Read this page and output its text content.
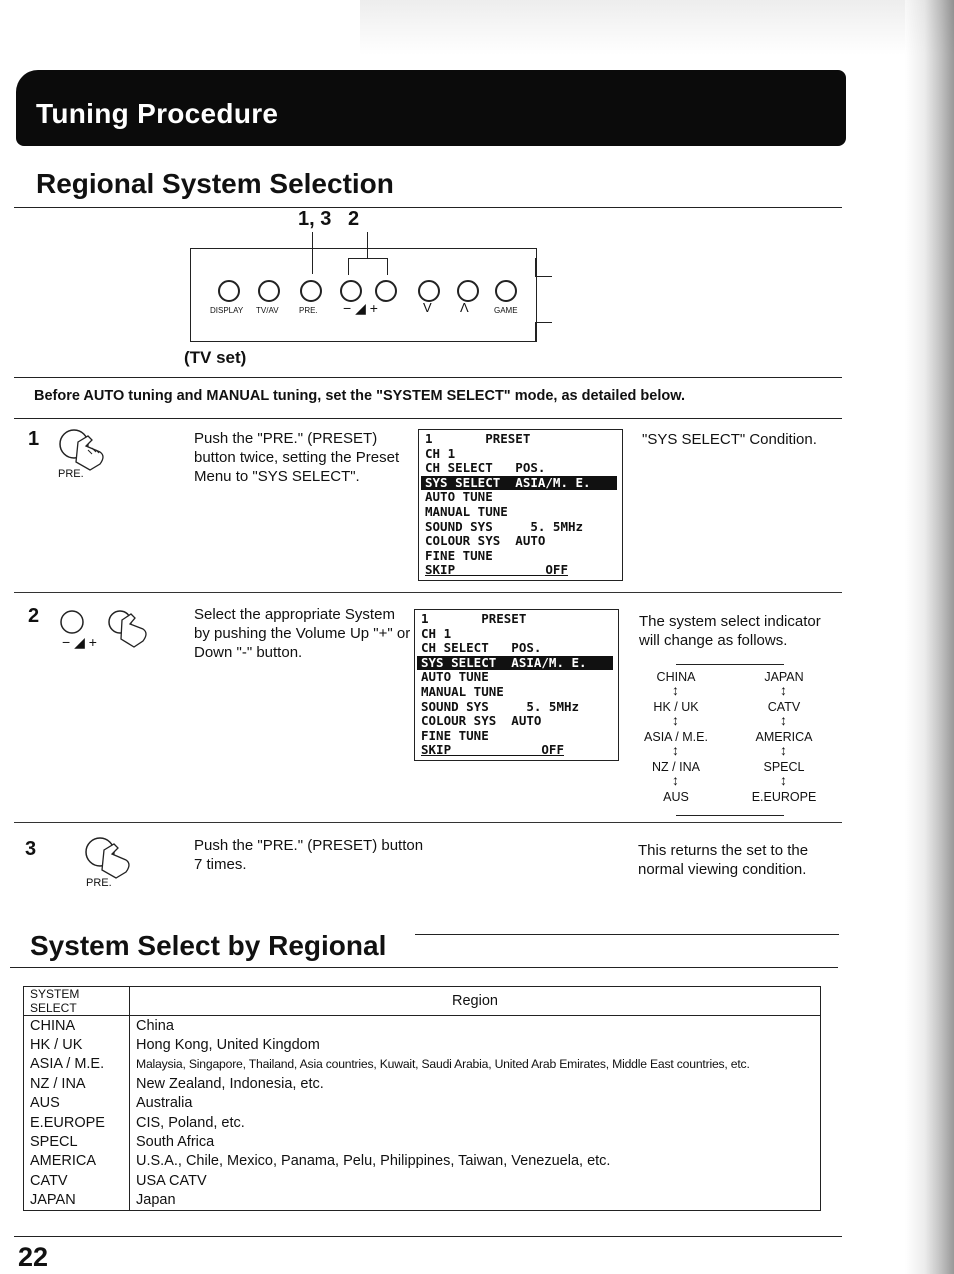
Tuning Procedure
Regional System Selection
1, 3   2
DISPLAY TV/AV	PRE. − ◢ +	V Λ	GAME
(TV set)
Before AUTO tuning and MANUAL tuning, set the "SYSTEM SELECT" mode, as detailed below.
1
PRE.
Push the "PRE." (PRESET) button twice, setting the Preset Menu to "SYS SELECT".
1       PRESET
CH 1
CH SELECT   POS.
SYS SELECT  ASIA/M. E.
AUTO TUNE
MANUAL TUNE
SOUND SYS     5. 5MHz
COLOUR SYS  AUTO
FINE TUNE
SKIP            OFF
"SYS SELECT" Condition.
2
− ◢ +
Select the appropriate System by pushing the Volume Up "+" or Down "-" button.
1       PRESET
CH 1
CH SELECT   POS.
SYS SELECT  ASIA/M. E.
AUTO TUNE
MANUAL TUNE
SOUND SYS     5. 5MHz
COLOUR SYS  AUTO
FINE TUNE
SKIP            OFF
The system select indicator will change as follows.
CHINA
↕
HK / UK
↕
ASIA / M.E.
↕
NZ / INA
↕
AUS
JAPAN
↕
CATV
↕
AMERICA
↕
SPECL
↕
E.EUROPE
3
PRE.
Push the "PRE." (PRESET) button 7 times.
This returns the set to the normal viewing condition.
System Select by Regional
SYSTEM SELECT	Region
CHINA	China
HK / UK	Hong Kong, United Kingdom
ASIA / M.E.	Malaysia, Singapore, Thailand, Asia countries, Kuwait, Saudi Arabia, United Arab Emirates, Middle East countries, etc.
NZ / INA	New Zealand, Indonesia, etc.
AUS	Australia
E.EUROPE	CIS, Poland, etc.
SPECL	South Africa
AMERICA	U.S.A., Chile, Mexico, Panama, Pelu, Philippines, Taiwan, Venezuela, etc.
CATV	USA CATV
JAPAN	Japan
22
